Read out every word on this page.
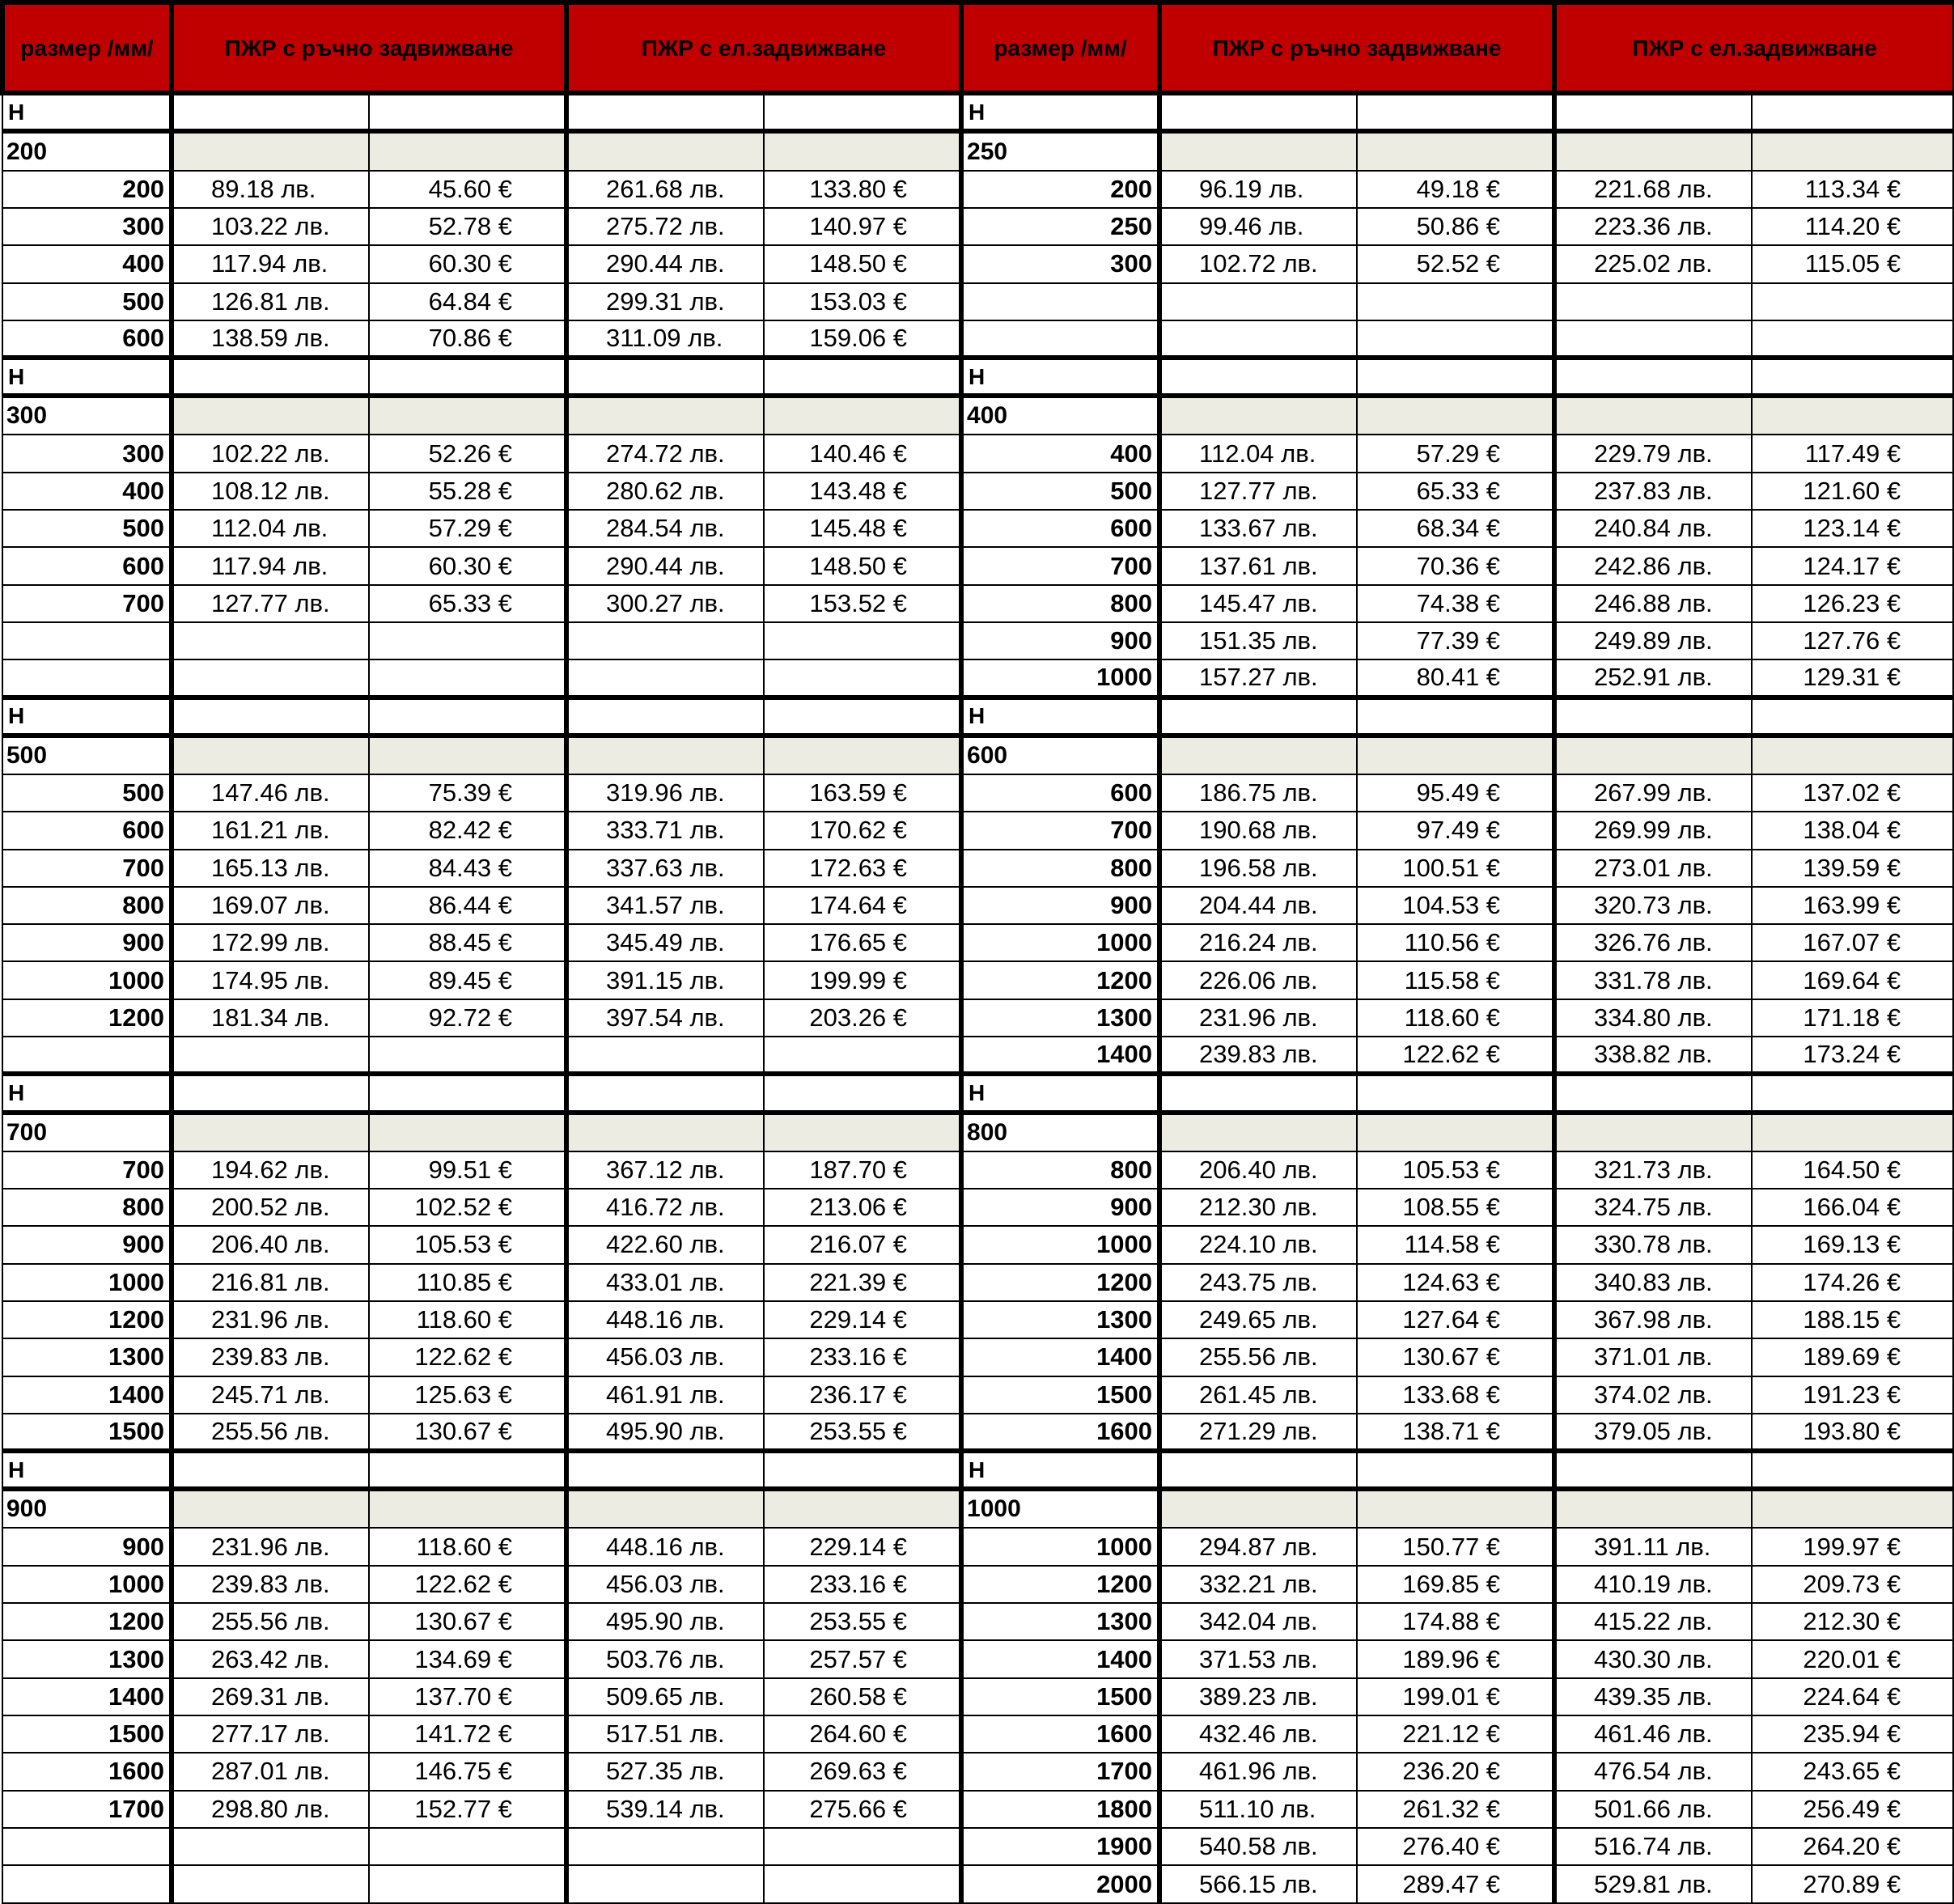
размер /мм/	ПЖР с ръчно задвижване		ПЖР с ел.задвижване		размер /мм/	ПЖР с ръчно задвижване		ПЖР с ел.задвижване	
H					H				
200					250				
200	89.18 лв.	45.60 €	261.68 лв.	133.80 €	200	96.19 лв.	49.18 €	221.68 лв.	113.34 €
300	103.22 лв.	52.78 €	275.72 лв.	140.97 €	250	99.46 лв.	50.86 €	223.36 лв.	114.20 €
400	117.94 лв.	60.30 €	290.44 лв.	148.50 €	300	102.72 лв.	52.52 €	225.02 лв.	115.05 €
500	126.81 лв.	64.84 €	299.31 лв.	153.03 €					
600	138.59 лв.	70.86 €	311.09 лв.	159.06 €					
H					H				
300					400				
300	102.22 лв.	52.26 €	274.72 лв.	140.46 €	400	112.04 лв.	57.29 €	229.79 лв.	117.49 €
400	108.12 лв.	55.28 €	280.62 лв.	143.48 €	500	127.77 лв.	65.33 €	237.83 лв.	121.60 €
500	112.04 лв.	57.29 €	284.54 лв.	145.48 €	600	133.67 лв.	68.34 €	240.84 лв.	123.14 €
600	117.94 лв.	60.30 €	290.44 лв.	148.50 €	700	137.61 лв.	70.36 €	242.86 лв.	124.17 €
700	127.77 лв.	65.33 €	300.27 лв.	153.52 €	800	145.47 лв.	74.38 €	246.88 лв.	126.23 €
					900	151.35 лв.	77.39 €	249.89 лв.	127.76 €
					1000	157.27 лв.	80.41 €	252.91 лв.	129.31 €
H					H				
500					600				
500	147.46 лв.	75.39 €	319.96 лв.	163.59 €	600	186.75 лв.	95.49 €	267.99 лв.	137.02 €
600	161.21 лв.	82.42 €	333.71 лв.	170.62 €	700	190.68 лв.	97.49 €	269.99 лв.	138.04 €
700	165.13 лв.	84.43 €	337.63 лв.	172.63 €	800	196.58 лв.	100.51 €	273.01 лв.	139.59 €
800	169.07 лв.	86.44 €	341.57 лв.	174.64 €	900	204.44 лв.	104.53 €	320.73 лв.	163.99 €
900	172.99 лв.	88.45 €	345.49 лв.	176.65 €	1000	216.24 лв.	110.56 €	326.76 лв.	167.07 €
1000	174.95 лв.	89.45 €	391.15 лв.	199.99 €	1200	226.06 лв.	115.58 €	331.78 лв.	169.64 €
1200	181.34 лв.	92.72 €	397.54 лв.	203.26 €	1300	231.96 лв.	118.60 €	334.80 лв.	171.18 €
					1400	239.83 лв.	122.62 €	338.82 лв.	173.24 €
H					H				
700					800				
700	194.62 лв.	99.51 €	367.12 лв.	187.70 €	800	206.40 лв.	105.53 €	321.73 лв.	164.50 €
800	200.52 лв.	102.52 €	416.72 лв.	213.06 €	900	212.30 лв.	108.55 €	324.75 лв.	166.04 €
900	206.40 лв.	105.53 €	422.60 лв.	216.07 €	1000	224.10 лв.	114.58 €	330.78 лв.	169.13 €
1000	216.81 лв.	110.85 €	433.01 лв.	221.39 €	1200	243.75 лв.	124.63 €	340.83 лв.	174.26 €
1200	231.96 лв.	118.60 €	448.16 лв.	229.14 €	1300	249.65 лв.	127.64 €	367.98 лв.	188.15 €
1300	239.83 лв.	122.62 €	456.03 лв.	233.16 €	1400	255.56 лв.	130.67 €	371.01 лв.	189.69 €
1400	245.71 лв.	125.63 €	461.91 лв.	236.17 €	1500	261.45 лв.	133.68 €	374.02 лв.	191.23 €
1500	255.56 лв.	130.67 €	495.90 лв.	253.55 €	1600	271.29 лв.	138.71 €	379.05 лв.	193.80 €
H					H				
900					1000				
900	231.96 лв.	118.60 €	448.16 лв.	229.14 €	1000	294.87 лв.	150.77 €	391.11 лв.	199.97 €
1000	239.83 лв.	122.62 €	456.03 лв.	233.16 €	1200	332.21 лв.	169.85 €	410.19 лв.	209.73 €
1200	255.56 лв.	130.67 €	495.90 лв.	253.55 €	1300	342.04 лв.	174.88 €	415.22 лв.	212.30 €
1300	263.42 лв.	134.69 €	503.76 лв.	257.57 €	1400	371.53 лв.	189.96 €	430.30 лв.	220.01 €
1400	269.31 лв.	137.70 €	509.65 лв.	260.58 €	1500	389.23 лв.	199.01 €	439.35 лв.	224.64 €
1500	277.17 лв.	141.72 €	517.51 лв.	264.60 €	1600	432.46 лв.	221.12 €	461.46 лв.	235.94 €
1600	287.01 лв.	146.75 €	527.35 лв.	269.63 €	1700	461.96 лв.	236.20 €	476.54 лв.	243.65 €
1700	298.80 лв.	152.77 €	539.14 лв.	275.66 €	1800	511.10 лв.	261.32 €	501.66 лв.	256.49 €
					1900	540.58 лв.	276.40 €	516.74 лв.	264.20 €
					2000	566.15 лв.	289.47 €	529.81 лв.	270.89 €
